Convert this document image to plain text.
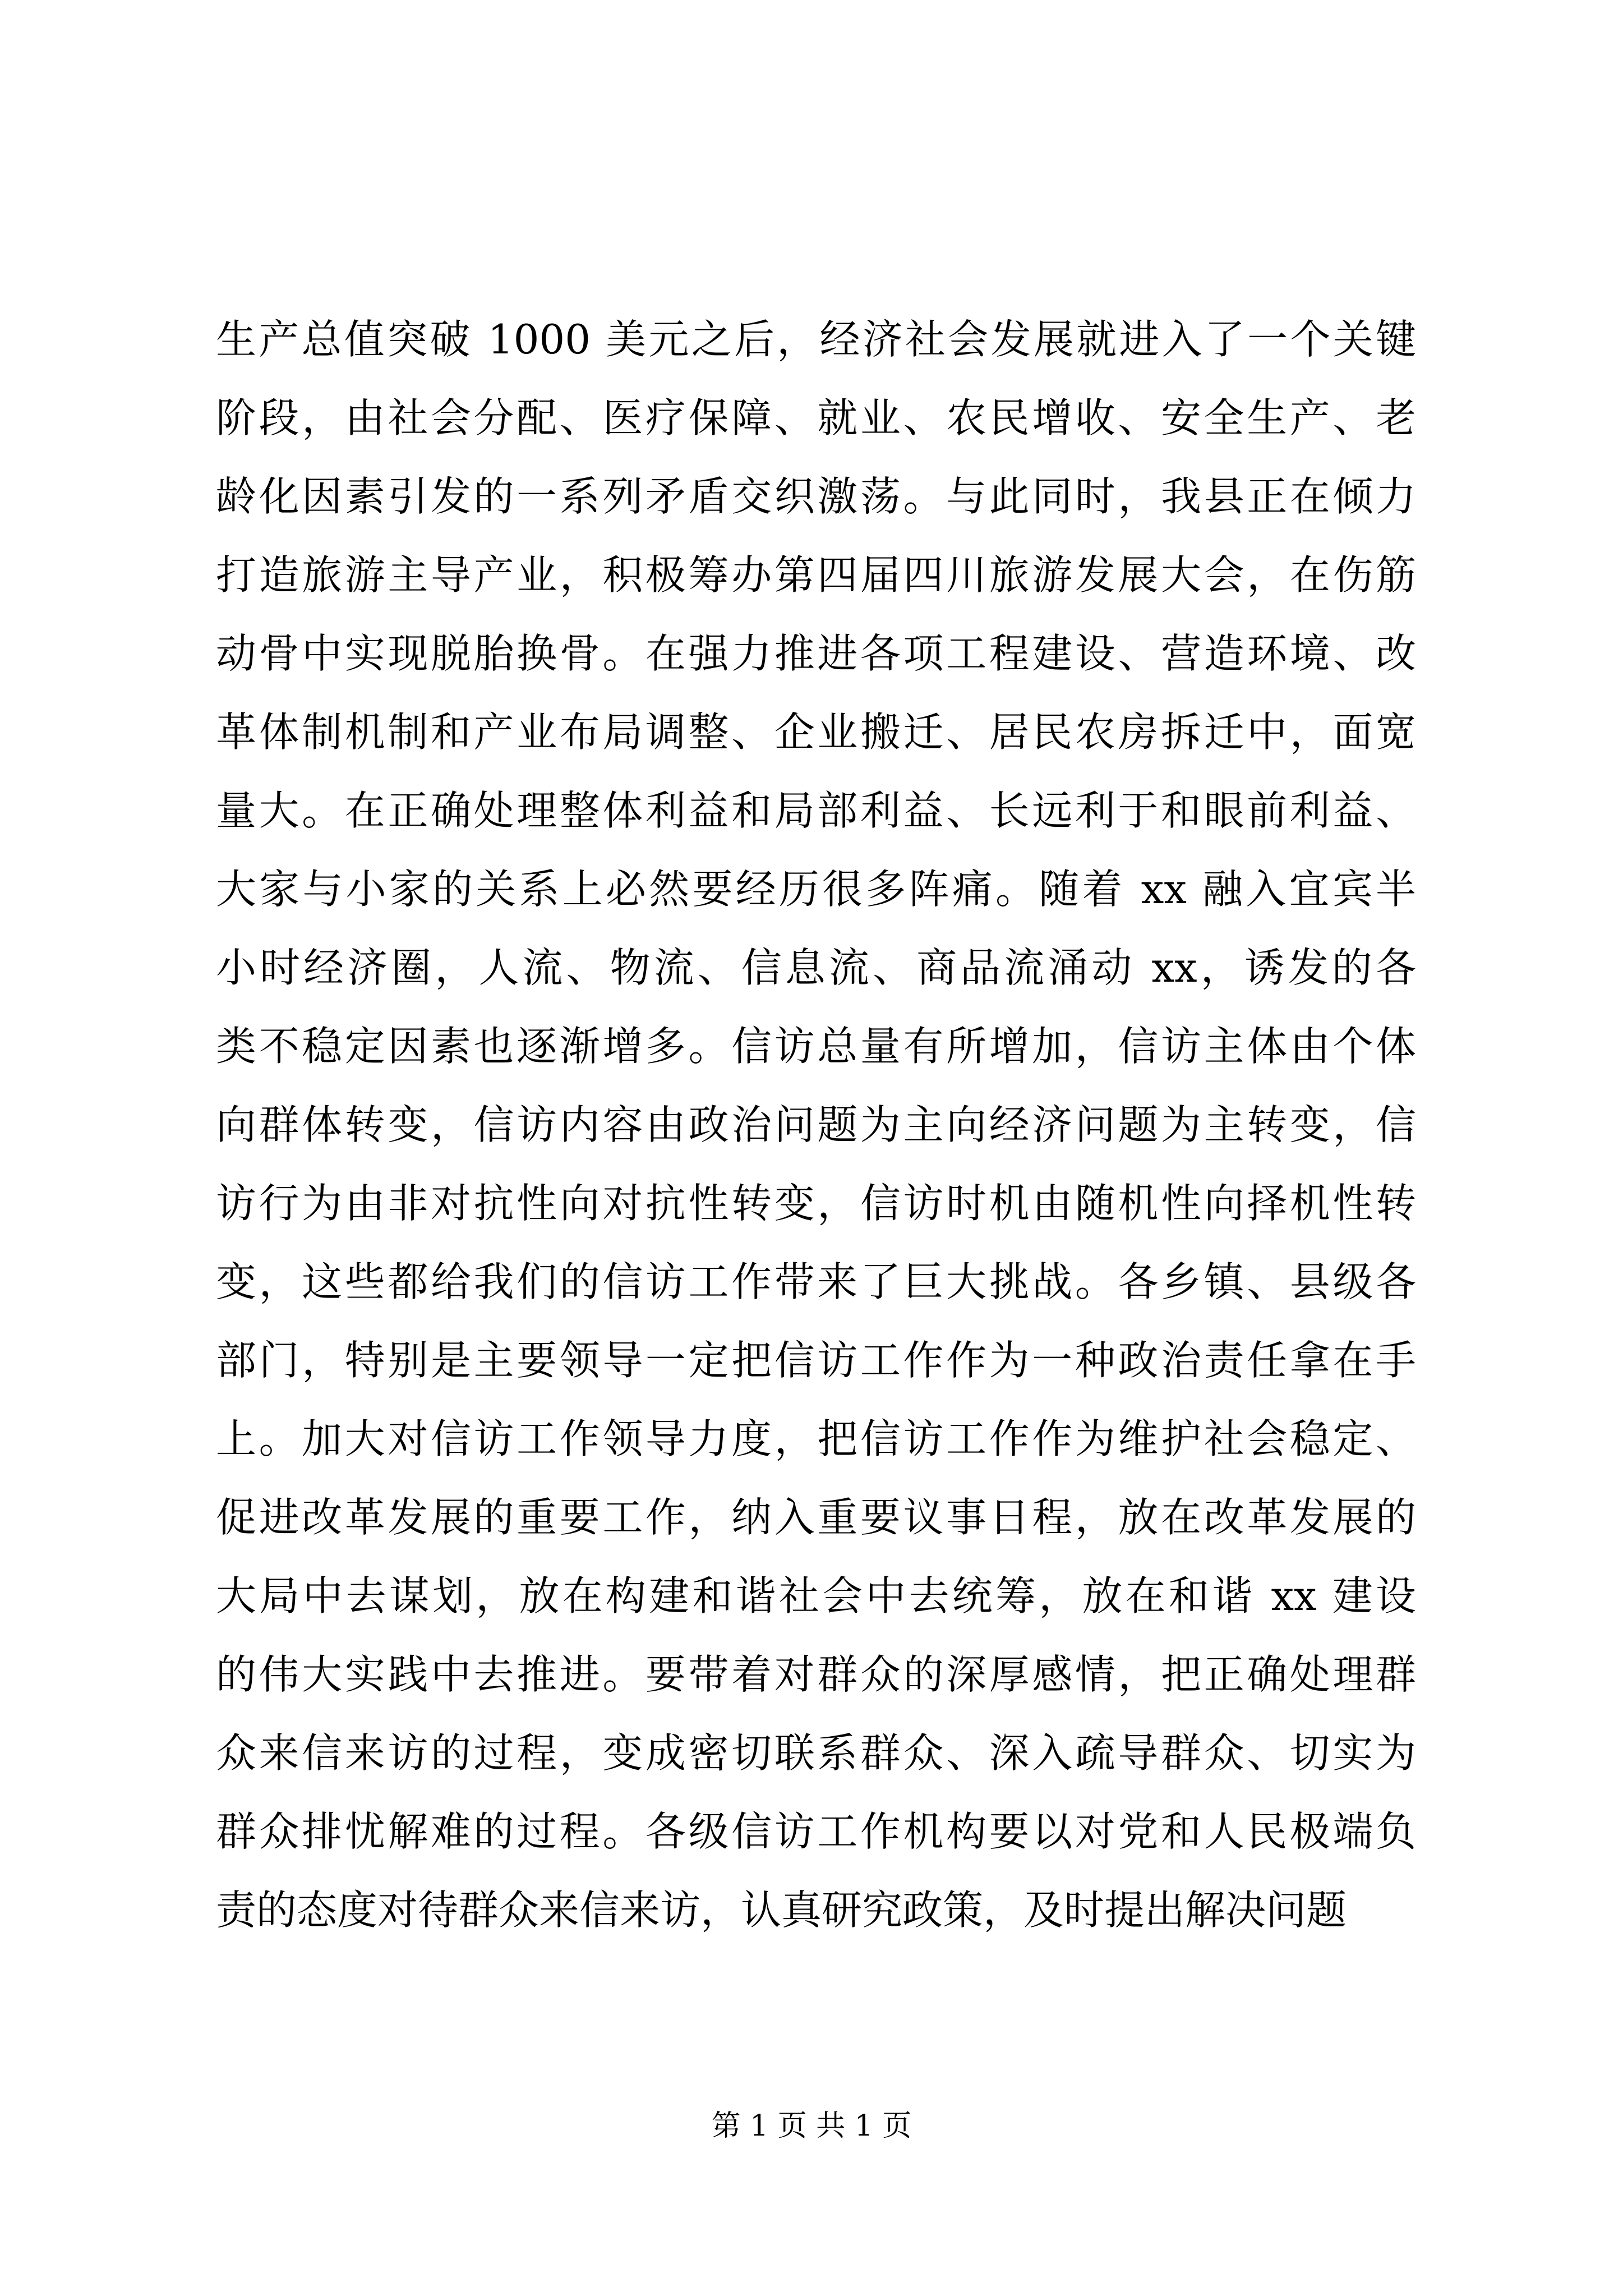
生产总值突破 1000 美元之后，经济社会发展就进入了一个关键
阶段，由社会分配、医疗保障、就业、农民增收、安全生产、老
龄化因素引发的一系列矛盾交织激荡。与此同时，我县正在倾力
打造旅游主导产业，积极筹办第四届四川旅游发展大会，在伤筋
动骨中实现脱胎换骨。在强力推进各项工程建设、营造环境、改
革体制机制和产业布局调整、企业搬迁、居民农房拆迁中，面宽
量大。在正确处理整体利益和局部利益、长远利于和眼前利益、
大家与小家的关系上必然要经历很多阵痛。随着 xx 融入宜宾半
小时经济圈，人流、物流、信息流、商品流涌动 xx，诱发的各
类不稳定因素也逐渐增多。信访总量有所增加，信访主体由个体
向群体转变，信访内容由政治问题为主向经济问题为主转变，信
访行为由非对抗性向对抗性转变，信访时机由随机性向择机性转
变，这些都给我们的信访工作带来了巨大挑战。各乡镇、县级各
部门，特别是主要领导一定把信访工作作为一种政治责任拿在手
上。加大对信访工作领导力度，把信访工作作为维护社会稳定、
促进改革发展的重要工作，纳入重要议事日程，放在改革发展的
大局中去谋划，放在构建和谐社会中去统筹，放在和谐 xx 建设
的伟大实践中去推进。要带着对群众的深厚感情，把正确处理群
众来信来访的过程，变成密切联系群众、深入疏导群众、切实为
群众排忧解难的过程。各级信访工作机构要以对党和人民极端负
责的态度对待群众来信来访，认真研究政策，及时提出解决问题
第 1 页 共 1 页
